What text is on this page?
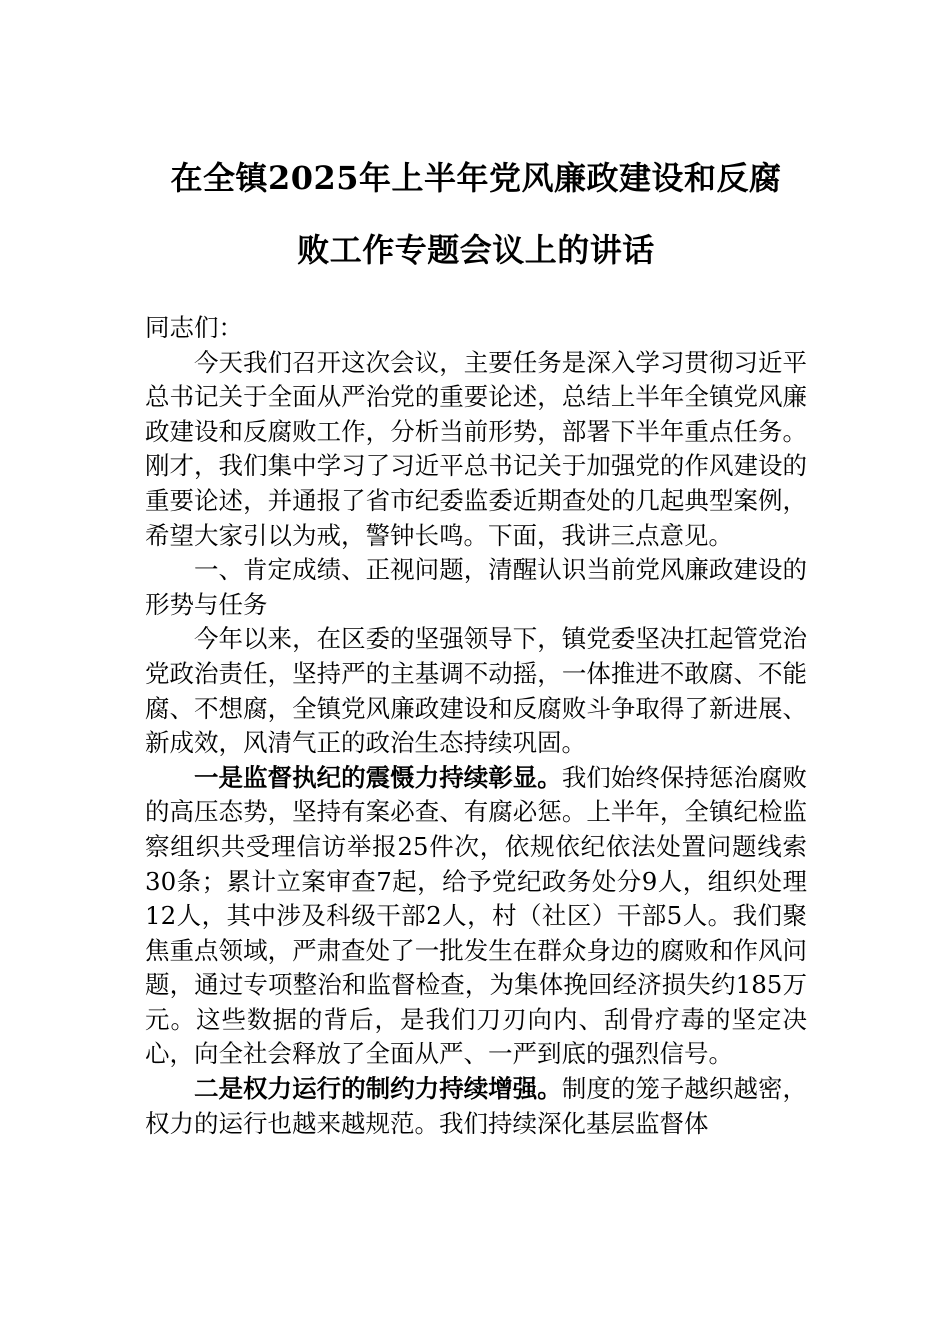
在全镇2025年上半年党风廉政建设和反腐
败工作专题会议上的讲话

同志们：

今天我们召开这次会议，主要任务是深入学习贯彻习近平总书记关于全面从严治党的重要论述，总结上半年全镇党风廉政建设和反腐败工作，分析当前形势，部署下半年重点任务。刚才，我们集中学习了习近平总书记关于加强党的作风建设的重要论述，并通报了省市纪委监委近期查处的几起典型案例，希望大家引以为戒，警钟长鸣。下面，我讲三点意见。

一、肯定成绩、正视问题，清醒认识当前党风廉政建设的形势与任务

今年以来，在区委的坚强领导下，镇党委坚决扛起管党治党政治责任，坚持严的主基调不动摇，一体推进不敢腐、不能腐、不想腐，全镇党风廉政建设和反腐败斗争取得了新进展、新成效，风清气正的政治生态持续巩固。

一是监督执纪的震慑力持续彰显。我们始终保持惩治腐败的高压态势，坚持有案必查、有腐必惩。上半年，全镇纪检监察组织共受理信访举报25件次，依规依纪依法处置问题线索30条；累计立案审查7起，给予党纪政务处分9人，组织处理12人，其中涉及科级干部2人，村（社区）干部5人。我们聚焦重点领域，严肃查处了一批发生在群众身边的腐败和作风问题，通过专项整治和监督检查，为集体挽回经济损失约185万元。这些数据的背后，是我们刀刃向内、刮骨疗毒的坚定决心，向全社会释放了全面从严、一严到底的强烈信号。

二是权力运行的制约力持续增强。制度的笼子越织越密，权力的运行也越来越规范。我们持续深化基层监督体
